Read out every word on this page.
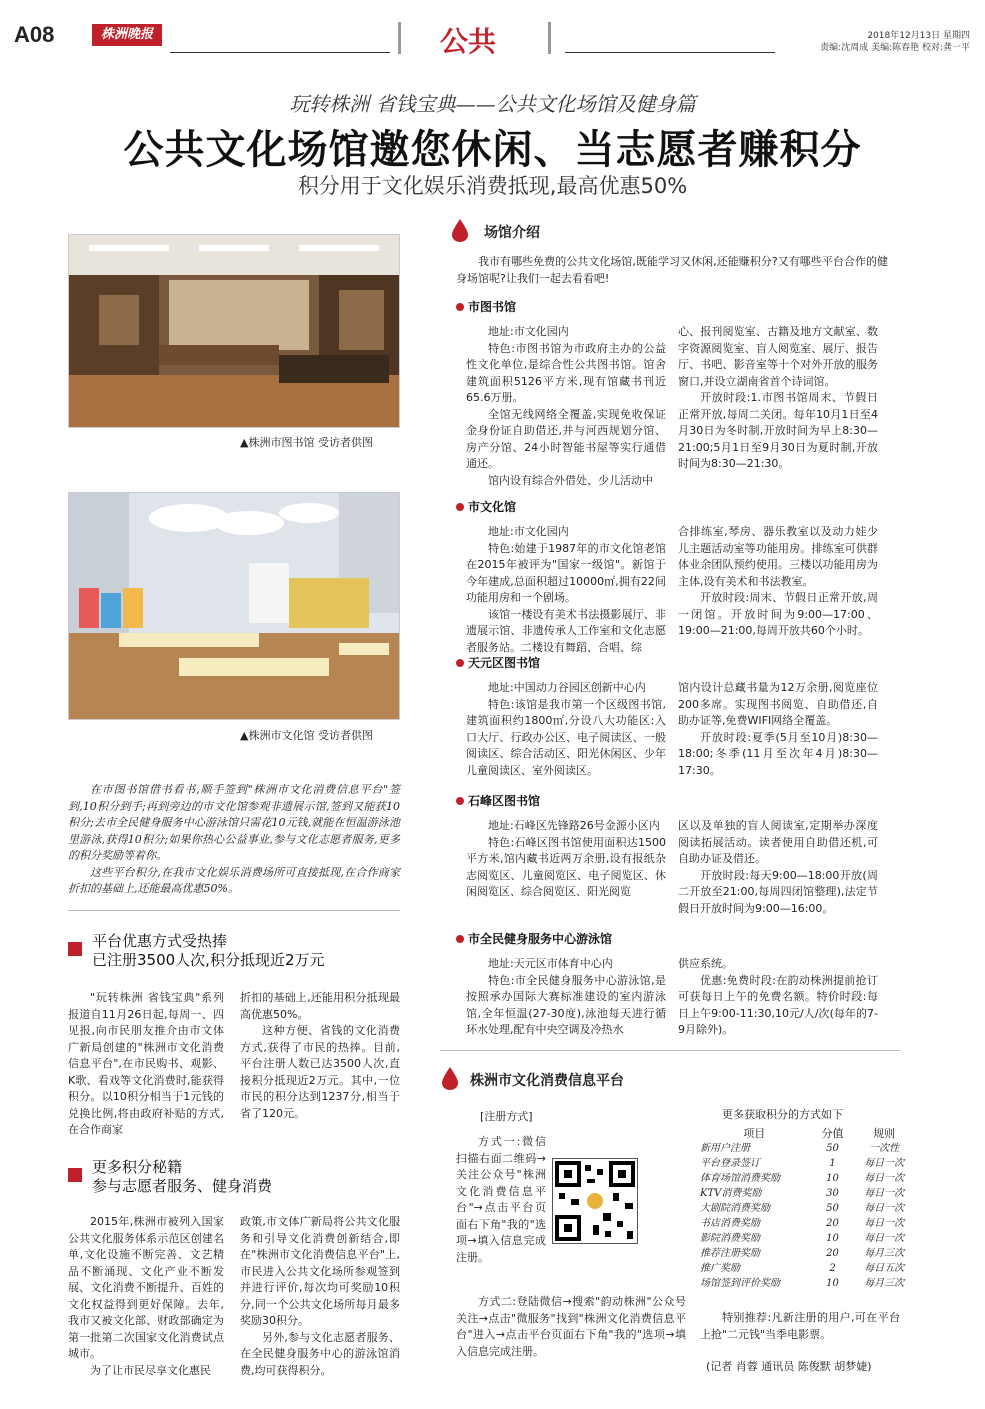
A08	株洲晚报	公共	2018年12月13日 星期四
责编:沈周成 美编:陈春艳 校对:龚一平
玩转株洲 省钱宝典——公共文化场馆及健身篇
公共文化场馆邀您休闲、当志愿者赚积分
积分用于文化娱乐消费抵现,最高优惠50%
▲株洲市图书馆 受访者供图
▲株洲市文化馆 受访者供图

在市图书馆借书看书,顺手签到"株洲市文化消费信息平台"签到,10积分到手;再到旁边的市文化馆参观非遗展示馆,签到又能获10积分;去市全民健身服务中心游泳馆只需花10元钱,就能在恒温游泳池里游泳,获得10积分;如果你热心公益事业,参与文化志愿者服务,更多的积分奖励等着你。

这些平台积分,在我市文化娱乐消费场所可直接抵现,在合作商家折扣的基础上,还能最高优惠50%。

平台优惠方式受热捧
已注册3500人次,积分抵现近2万元

"玩转株洲 省钱宝典"系列报道自11月26日起,每周一、四见报,向市民朋友推介由市文体广新局创建的"株洲市文化消费信息平台",在市民购书、观影、K歌、看戏等文化消费时,能获得积分。以10积分相当于1元钱的兑换比例,将由政府补贴的方式,在合作商家

折扣的基础上,还能用积分抵现最高优惠50%。

这种方便、省钱的文化消费方式,获得了市民的热捧。目前,平台注册人数已达3500人次,直接积分抵现近2万元。其中,一位市民的积分达到1237分,相当于省了120元。

更多积分秘籍
参与志愿者服务、健身消费

2015年,株洲市被列入国家公共文化服务体系示范区创建名单,文化设施不断完善、文艺精品不断涌现、文化产业不断发展、文化消费不断提升、百姓的文化权益得到更好保障。去年,我市又被文化部、财政部确定为第一批第二次国家文化消费试点城市。

为了让市民尽享文化惠民

政策,市文体广新局将公共文化服务和引导文化消费创新结合,即在"株洲市文化消费信息平台"上,市民进入公共文化场所参观签到并进行评价,每次均可奖励10积分,同一个公共文化场所每月最多奖励30积分。

另外,参与文化志愿者服务、在全民健身服务中心的游泳馆消费,均可获得积分。

场馆介绍

我市有哪些免费的公共文化场馆,既能学习又休闲,还能赚积分?又有哪些平台合作的健身场馆呢?让我们一起去看看吧!

市图书馆

地址:市文化园内

特色:市图书馆为市政府主办的公益性文化单位,是综合性公共图书馆。馆舍建筑面积5126平方米,现有馆藏书刊近65.6万册。

全馆无线网络全覆盖,实现免收保证金身份证自助借还,并与河西规划分馆、房产分馆、24小时智能书屋等实行通借通还。

馆内设有综合外借处、少儿活动中

心、报刊阅览室、古籍及地方文献室、数字资源阅览室、盲人阅览室、展厅、报告厅、书吧、影音室等十个对外开放的服务窗口,并设立湖南省首个诗词馆。

开放时段:1.市图书馆周末、节假日正常开放,每周二关闭。每年10月1日至4月30日为冬时制,开放时间为早上8:30—21:00;5月1日至9月30日为夏时制,开放时间为8:30—21:30。

市文化馆

地址:市文化园内

特色:始建于1987年的市文化馆老馆在2015年被评为"国家一级馆"。新馆于今年建成,总面积超过10000㎡,拥有22间功能用房和一个剧场。

该馆一楼设有美术书法摄影展厅、非遗展示馆、非遗传承人工作室和文化志愿者服务站。二楼设有舞蹈、合唱、综

合排练室,琴房、器乐教室以及动力娃少儿主题活动室等功能用房。排练室可供群体业余团队预约使用。三楼以功能用房为主体,设有美术和书法教室。

开放时段:周末、节假日正常开放,周一闭馆。开放时间为9:00—17:00、19:00—21:00,每周开放共60个小时。

天元区图书馆

地址:中国动力谷园区创新中心内

特色:该馆是我市第一个区级图书馆,建筑面积约1800㎡,分设八大功能区:入口大厅、行政办公区、电子阅读区、一般阅读区、综合活动区、阳光休闲区、少年儿童阅读区、室外阅读区。

馆内设计总藏书量为12万余册,阅览座位200多席。实现图书阅览、自助借还,自助办证等,免费WIFI网络全覆盖。

开放时段:夏季(5月至10月)8:30—18:00;冬季(11月至次年4月)8:30—17:30。

石峰区图书馆

地址:石峰区先锋路26号金源小区内

特色:石峰区图书馆使用面积达1500平方米,馆内藏书近两万余册,设有报纸杂志阅览区、儿童阅览区、电子阅览区、休闲阅览区、综合阅览区、阳光阅览

区以及单独的盲人阅读室,定期举办深度阅读拓展活动。读者使用自助借还机,可自助办证及借还。

开放时段:每天9:00—18:00开放(周二开放至21:00,每周四闭馆整理),法定节假日开放时间为9:00—16:00。

市全民健身服务中心游泳馆

地址:天元区市体育中心内

特色:市全民健身服务中心游泳馆,是按照承办国际大赛标准建设的室内游泳馆,全年恒温(27-30度),泳池每天进行循环水处理,配有中央空调及冷热水

供应系统。

优惠:免费时段:在韵动株洲提前抢订可获每日上午的免费名额。特价时段:每日上午9:00-11:30,10元/人/次(每年的7-9月除外)。

株洲市文化消费信息平台
[注册方式]

方式一:微信扫描右面二维码→关注公众号"株洲文化消费信息平台"→点击平台页面右下角"我的"选项→填入信息完成注册。

方式二:登陆微信→搜索"韵动株洲"公众号关注→点击"微服务"找到"株洲文化消费信息平台"进入→点击平台页面右下角"我的"选项→填入信息完成注册。

更多获取积分的方式如下
项目	分值	规则
新用户注册	50	一次性
平台登录签订	1	每日一次
体育场馆消费奖励	10	每日一次
KTV消费奖励	30	每日一次
大剧院消费奖励	50	每日一次
书店消费奖励	20	每日一次
影院消费奖励	10	每日一次
推荐注册奖励	20	每月三次
推广奖励	2	每日五次
场馆签到评价奖励	10	每月三次

特别推荐:凡新注册的用户,可在平台上抢"二元钱"当季电影票。

(记者 肖蓉 通讯员 陈俊默 胡梦婕)
